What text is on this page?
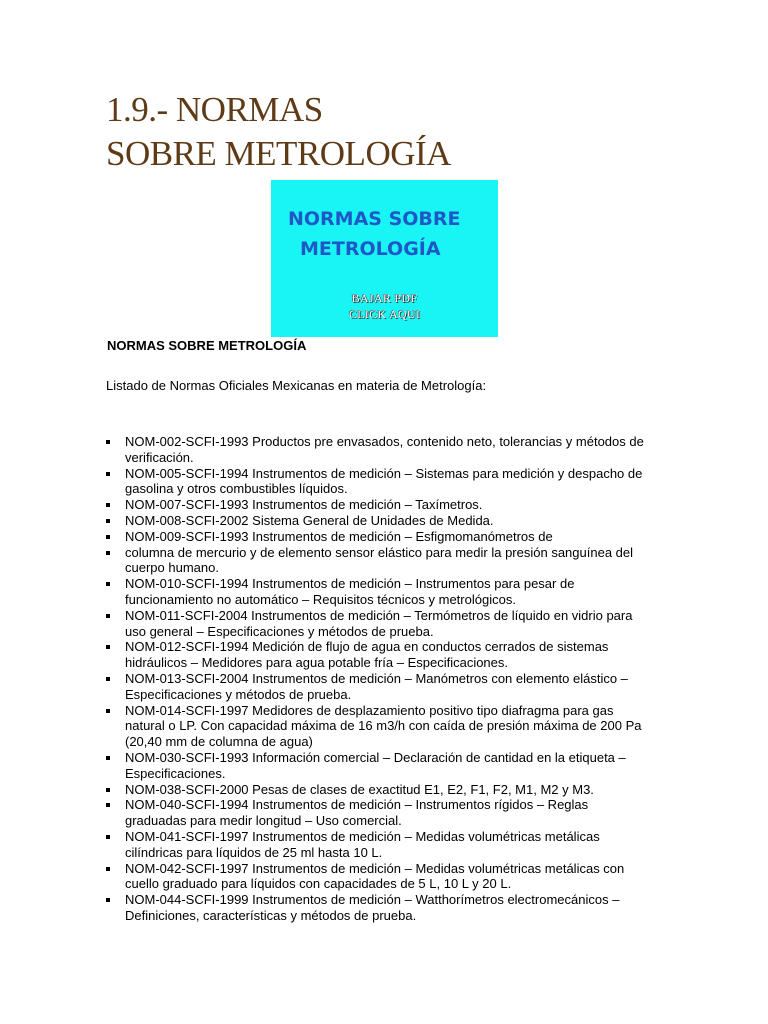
1.9.- NORMAS
SOBRE METROLOGÍA
NORMAS SOBRE
METROLOGÍA
BAJAR PDF
CLICK AQUI

NORMAS SOBRE METROLOGÍA

Listado de Normas Oficiales Mexicanas en materia de Metrología:

NOM-002-SCFI-1993 Productos pre envasados, contenido neto, tolerancias y métodos de verificación.
NOM-005-SCFI-1994 Instrumentos de medición – Sistemas para medición y despacho de gasolina y otros combustibles líquidos.
NOM-007-SCFI-1993 Instrumentos de medición – Taxímetros.
NOM-008-SCFI-2002 Sistema General de Unidades de Medida.
NOM-009-SCFI-1993 Instrumentos de medición – Esfigmomanómetros de
columna de mercurio y de elemento sensor elástico para medir la presión sanguínea del cuerpo humano.
NOM-010-SCFI-1994 Instrumentos de medición – Instrumentos para pesar de funcionamiento no automático – Requisitos técnicos y metrológicos.
NOM-011-SCFI-2004 Instrumentos de medición – Termómetros de líquido en vidrio para uso general – Especificaciones y métodos de prueba.
NOM-012-SCFI-1994 Medición de flujo de agua en conductos cerrados de sistemas hidráulicos – Medidores para agua potable fría – Especificaciones.
NOM-013-SCFI-2004 Instrumentos de medición – Manómetros con elemento elástico – Especificaciones y métodos de prueba.
NOM-014-SCFI-1997 Medidores de desplazamiento positivo tipo diafragma para gas natural o LP. Con capacidad máxima de 16 m3/h con caída de presión máxima de 200 Pa (20,40 mm de columna de agua)
NOM-030-SCFI-1993 Información comercial – Declaración de cantidad en la etiqueta – Especificaciones.
NOM-038-SCFI-2000 Pesas de clases de exactitud E1, E2, F1, F2, M1, M2 y M3.
NOM-040-SCFI-1994 Instrumentos de medición – Instrumentos rígidos – Reglas graduadas para medir longitud – Uso comercial.
NOM-041-SCFI-1997 Instrumentos de medición – Medidas volumétricas metálicas cilíndricas para líquidos de 25 ml hasta 10 L.
NOM-042-SCFI-1997 Instrumentos de medición – Medidas volumétricas metálicas con cuello graduado para líquidos con capacidades de 5 L, 10 L y 20 L.
NOM-044-SCFI-1999 Instrumentos de medición – Watthorímetros electromecánicos – Definiciones, características y métodos de prueba.
